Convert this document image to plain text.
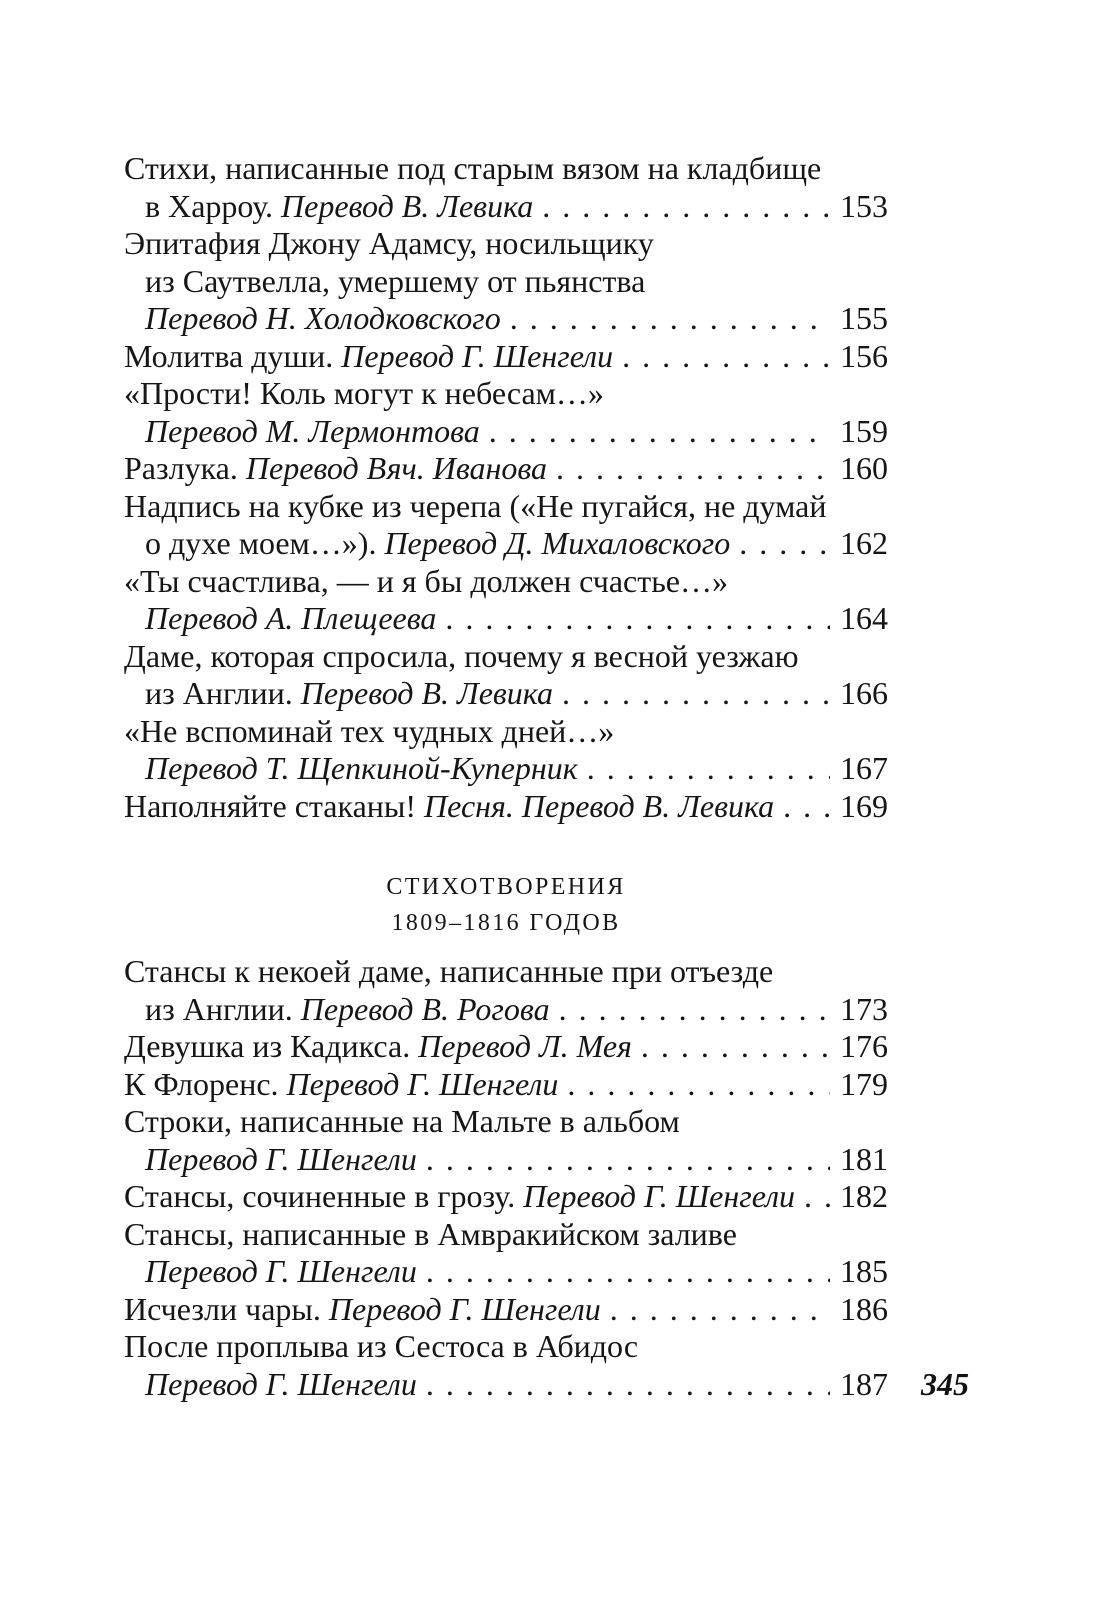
Стихи, написанные под старым вязом на кладбище
в Харроу. Перевод В. Левика . . .	153
Эпитафия Джону Адамсу, носильщику
из Саутвелла, умершему от пьянства
Перевод Н. Холодковского . . .	155
Молитва души. Перевод Г. Шенгели . . .	156
«Прости! Коль могут к небесам…»
Перевод М. Лермонтова . . .	159
Разлука. Перевод Вяч. Иванова . . .	160
Надпись на кубке из черепа («Не пугайся, не думай
о духе моем…»). Перевод Д. Михаловского . . .	162
«Ты счастлива, — и я бы должен счастье…»
Перевод А. Плещеева . . .	164
Даме, которая спросила, почему я весной уезжаю
из Англии. Перевод В. Левика . . .	166
«Не вспоминай тех чудных дней…»
Перевод Т. Щепкиной-Куперник . . .	167
Наполняйте стаканы! Песня. Перевод В. Левика . . . 169
СТИХОТВОРЕНИЯ
1809–1816 ГОДОВ
Стансы к некоей даме, написанные при отъезде
из Англии. Перевод В. Рогова . . .	173
Девушка из Кадикса. Перевод Л. Мея . . .	176
К Флоренс. Перевод Г. Шенгели . . .	179
Строки, написанные на Мальте в альбом
Перевод Г. Шенгели . . .	181
Стансы, сочиненные в грозу. Перевод Г. Шенгели . . . 182
Стансы, написанные в Амвракийском заливе
Перевод Г. Шенгели . . .	185
Исчезли чары. Перевод Г. Шенгели . . .	186
После проплыва из Сестоса в Абидос
Перевод Г. Шенгели . . .	187 345
